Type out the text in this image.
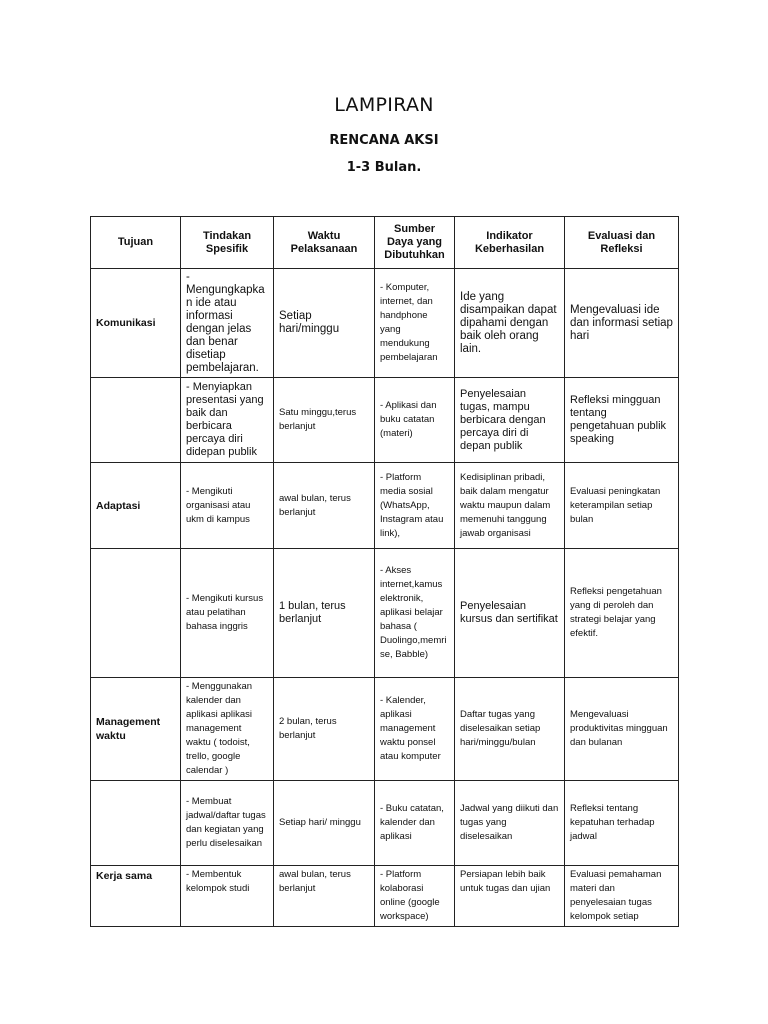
LAMPIRAN
RENCANA AKSI
1-3 Bulan.
Tujuan	Tindakan Spesifik	Waktu Pelaksanaan	Sumber Daya yang Dibutuhkan	Indikator Keberhasilan	Evaluasi dan Refleksi
Komunikasi	- Mengungkapkan ide atau informasi dengan jelas dan benar disetiap pembelajaran.	Setiap hari/minggu	- Komputer, internet, dan handphone yang mendukung pembelajaran	Ide yang disampaikan dapat dipahami dengan baik oleh orang lain.	Mengevaluasi ide dan informasi setiap hari
	- Menyiapkan presentasi yang baik dan berbicara percaya diri didepan publik	Satu minggu,terus berlanjut	- Aplikasi dan buku catatan (materi)	Penyelesaian tugas, mampu berbicara dengan percaya diri di depan publik	Refleksi mingguan tentang pengetahuan publik speaking
Adaptasi	- Mengikuti organisasi atau ukm di kampus	awal bulan, terus berlanjut	- Platform media sosial (WhatsApp, Instagram atau link),	Kedisiplinan pribadi, baik dalam mengatur waktu maupun dalam memenuhi tanggung jawab organisasi	Evaluasi peningkatan keterampilan setiap bulan
	- Mengikuti kursus atau pelatihan bahasa inggris	1 bulan, terus berlanjut	- Akses internet,kamus elektronik, aplikasi belajar bahasa ( Duolingo,memrise, Babble)	Penyelesaian kursus dan sertifikat	Refleksi pengetahuan yang di peroleh dan strategi belajar yang efektif.
Management waktu	- Menggunakan kalender dan aplikasi aplikasi management waktu ( todoist, trello, google calendar )	2 bulan, terus berlanjut	- Kalender, aplikasi management waktu ponsel atau komputer	Daftar tugas yang diselesaikan setiap hari/minggu/bulan	Mengevaluasi produktivitas mingguan dan bulanan
	- Membuat jadwal/daftar tugas dan kegiatan yang perlu diselesaikan	Setiap hari/ minggu	- Buku catatan, kalender dan aplikasi	Jadwal yang diikuti dan tugas yang diselesaikan	Refleksi tentang kepatuhan terhadap jadwal
Kerja sama	- Membentuk kelompok studi	awal bulan, terus berlanjut	- Platform kolaborasi online (google workspace)	Persiapan lebih baik untuk tugas dan ujian	Evaluasi pemahaman materi dan penyelesaian tugas kelompok setiap
